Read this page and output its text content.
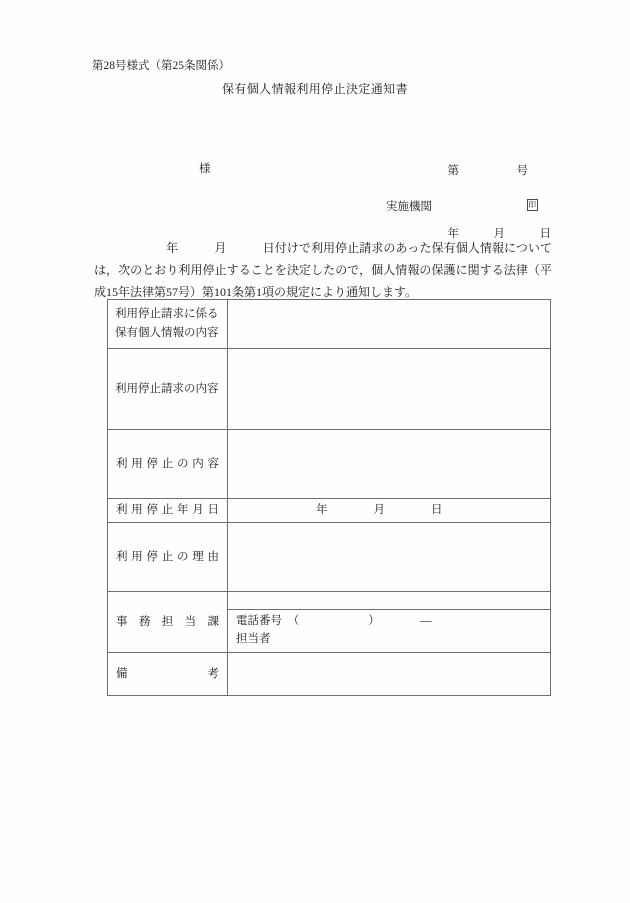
第28号様式（第25条関係）
保有個人情報利用停止決定通知書

第　　　　　号

年　　　月　　　日

様
実施機関	印
年　　　月　　　日付けで利用停止請求のあった保有個人情報については，次のとおり利用停止することを決定したので，個人情報の保護に関する法律（平成15年法律第57号）第101条第1項の規定により通知します。
利用停止請求に係る
保有個人情報の内容	

利用停止請求の内容	

利用停止の内容	

利用停止年月日	年　　　　月　　　　日

利用停止の理由	

事務担当課	

	電話番号　（　　　　　　）　　　　―
担当者

備考	
